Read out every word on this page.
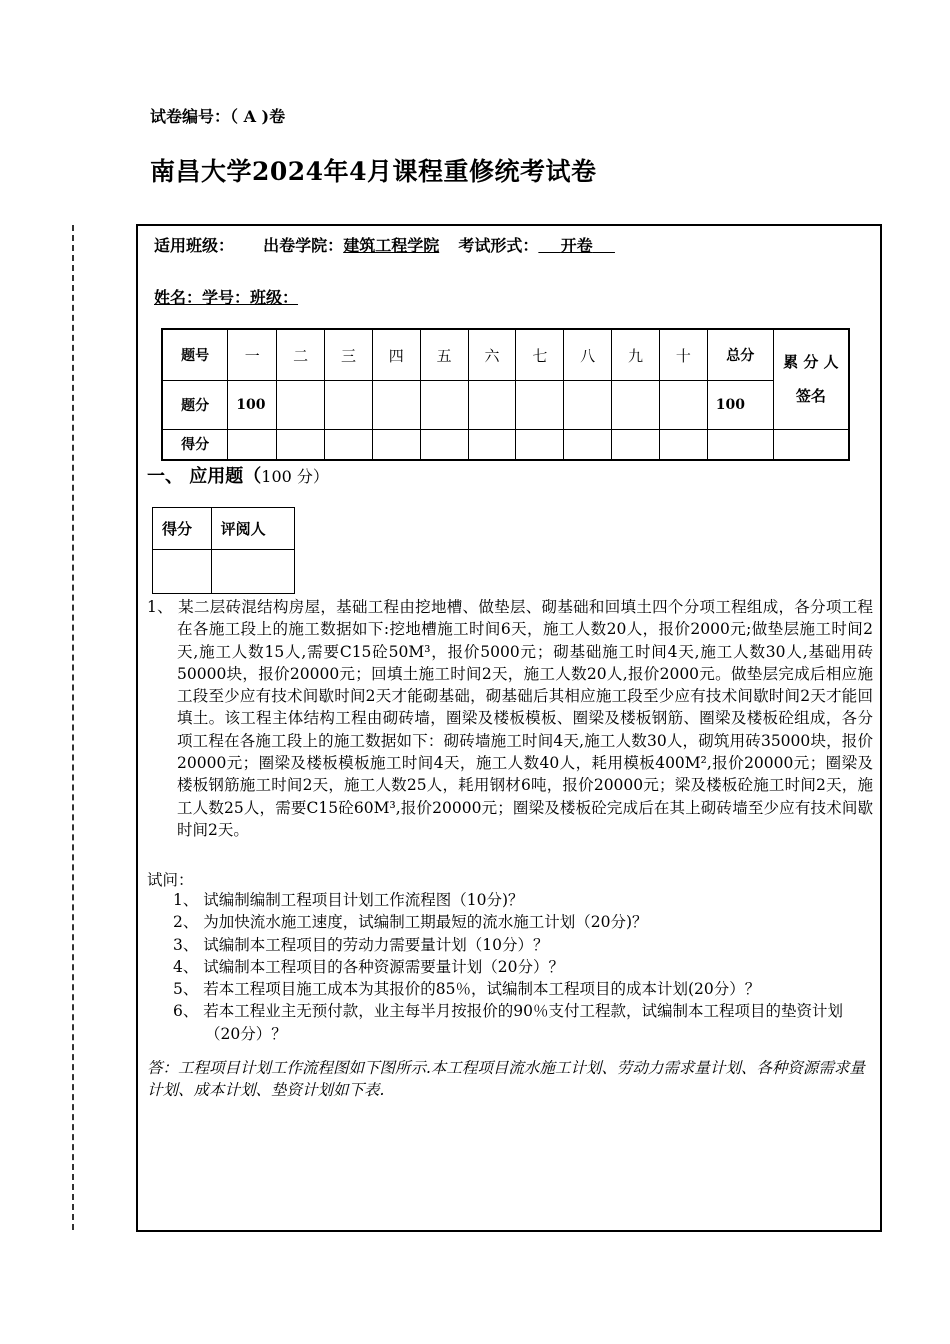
试卷编号：（ A )卷
南昌大学2024年4月课程重修统考试卷
适用班级： 出卷学院：建筑工程学院 考试形式： 开卷
姓名：学号：班级：
题号	一	二	三	四	五	六	七	八	九	十	总分	累 分 人
签名

题分	100										100	
得分												
一、 应用题（100 分）
得分	评阅人

1、 某二层砖混结构房屋，基础工程由挖地槽、做垫层、砌基础和回填土四个分项工程组成，各分项工程在各施工段上的施工数据如下:挖地槽施工时间6天，施工人数20人，报价2000元;做垫层施工时间2天,施工人数15人,需要C15砼50M³，报价5000元；砌基础施工时间4天,施工人数30人,基础用砖50000块，报价20000元；回填土施工时间2天，施工人数20人,报价2000元。做垫层完成后相应施工段至少应有技术间歇时间2天才能砌基础，砌基础后其相应施工段至少应有技术间歇时间2天才能回填土。该工程主体结构工程由砌砖墙，圈梁及楼板模板、圈梁及楼板钢筋、圈梁及楼板砼组成，各分项工程在各施工段上的施工数据如下：砌砖墙施工时间4天,施工人数30人，砌筑用砖35000块，报价20000元；圈梁及楼板模板施工时间4天，施工人数40人，耗用模板400M²,报价20000元；圈梁及楼板钢筋施工时间2天，施工人数25人，耗用钢材6吨，报价20000元；梁及楼板砼施工时间2天，施工人数25人，需要C15砼60M³,报价20000元；圈梁及楼板砼完成后在其上砌砖墙至少应有技术间歇时间2天。

试问：

1、 试编制编制工程项目计划工作流程图（10分)？

2、 为加快流水施工速度，试编制工期最短的流水施工计划（20分)？

3、 试编制本工程项目的劳动力需要量计划（10分）？

4、 试编制本工程项目的各种资源需要量计划（20分）？

5、 若本工程项目施工成本为其报价的85％，试编制本工程项目的成本计划(20分）？

6、 若本工程业主无预付款，业主每半月按报价的90％支付工程款，试编制本工程项目的垫资计划（20分）？

答：工程项目计划工作流程图如下图所示.本工程项目流水施工计划、劳动力需求量计划、各种资源需求量计划、成本计划、垫资计划如下表.
